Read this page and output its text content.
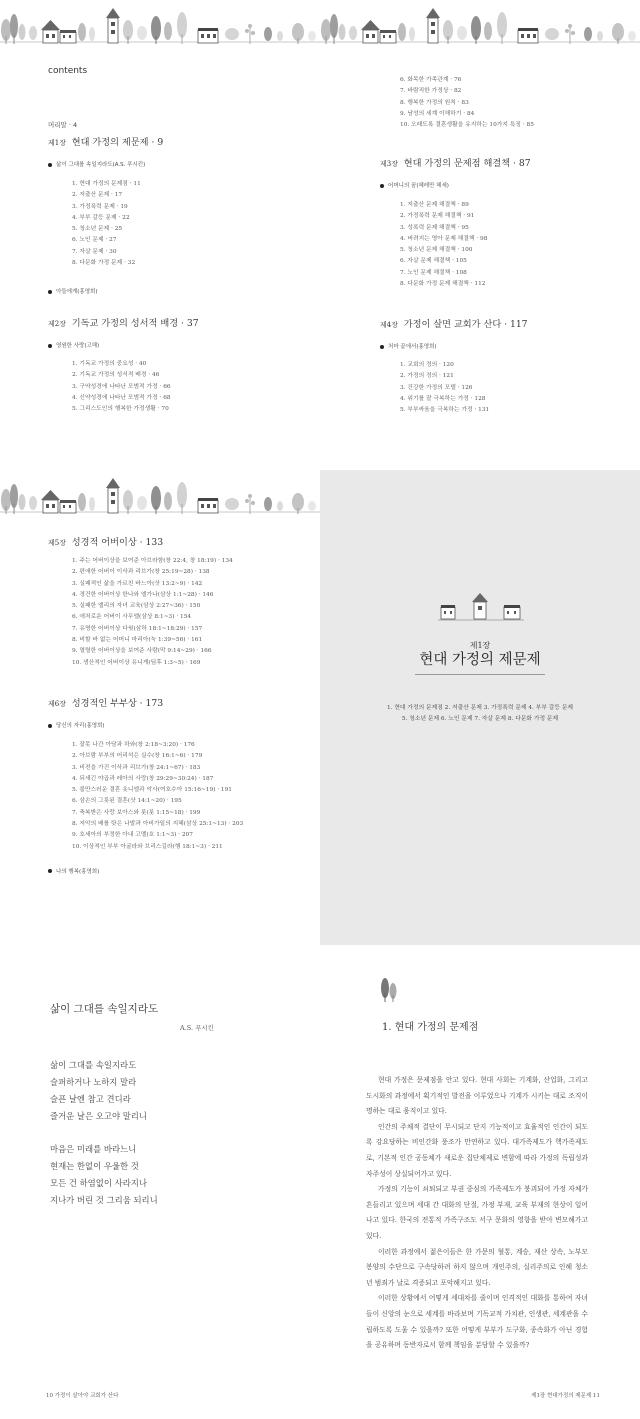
contents
머리말 · 4

제1장 현대 가정의 제문제 · 9

삶이 그대를 속일지라도(A.S. 푸시킨)
1. 현대 가정의 문제점 · 11
2. 저출산 문제 · 17
3. 가정폭력 문제 · 19
4. 부부 갈등 문제 · 22
5. 청소년 문제 · 25
6. 노인 문제 · 27
7. 자살 문제 · 30
8. 다문화 가정 문제 · 32
아들에게(홍영희)

제2장 기독교 가정의 성서적 배경 · 37

영원한 사랑(고해)
1. 기독교 가정의 중요성 · 40
2. 기독교 가정의 성서적 배경 · 46
3. 구약성경에 나타난 모범적 가정 · 66
4. 신약성경에 나타난 모범적 가정 · 68
5. 그리스도인의 행복한 가정생활 · 70
6. 화목한 가족관계 · 76
7. 바람직한 가정상 · 82
8. 행복한 가정의 원칙 · 83
9. 남성의 세계 이해하기 · 84
10. 오래도록 결혼생활을 유지하는 10가지 특징 · 85

제3장 현대 가정의 문제점 해결책 · 87

어머니의 꿈(혜레만 헤세)
1. 저출산 문제 해결책 · 89
2. 가정폭력 문제 해결책 · 91
3. 성폭력 문제 해결책 · 95
4. 버려지는 영아 문제 해결책 · 98
5. 청소년 문제 해결책 · 100
6. 자살 문제 해결책 · 105
7. 노인 문제 해결책 · 108
8. 다문화 가정 문제 해결책 · 112

제4장 가정이 살면 교회가 산다 · 117

처마 끝에서(홍영희)
1. 교회의 정의 · 120
2. 가정의 정의 · 121
3. 건강한 가정의 모델 · 126
4. 위기를 잘 극복하는 가정 · 128
5. 부부싸움을 극복하는 가정 · 131

제5장 성경적 어버이상 · 133

1. 주는 어버이상을 보여준 아브라함(창 22:4, 창 18:19) · 134
2. 편애한 어버이 이삭과 리브가(창 25:19~28) · 138
3. 실패적인 삶을 가르친 바느아(삿 13:2~9) · 142
4. 경건한 어버이상 한나와 엘가나(삼상 1:1~28) · 146
5. 실패한 엘리의 자녀 교육(삼상 2:27~36) · 150
6. 애처로운 어버이 사무엘(삼상 8:1~3) · 154
7. 유명한 어버이상 다윗(삼하 18:1~18:29) · 157
8. 비할 바 없는 어머니 마리아(눅 1:39~56) · 161
9. 열렬한 어버이상을 보여준 사람(막 9:14~29) · 166
10. 생산적인 어버이상 유니게(딤후 1:3~5) · 169

제6장 성경적인 부부상 · 173

당신의 자리(홍영희)
1. 잘못 나간 아담과 하와(창 2:18~3:20) · 176
2. 아브람 부부의 어리석은 실수(창 16:1~6) · 179
3. 비전을 가진 이삭과 리브가(창 24:1~67) · 183
4. 되새긴 야곱과 레아의 사랑(창 29:29~30:24) · 187
5. 불만스러운 결혼 옷니엘과 악사(여호수아 15:16~19) · 191
6. 삼손의 그릇된 결혼(삿 14:1~20) · 195
7. 축복받은 사랑 보아스와 룻(룻 1:15~18) · 199
8. 저악의 배를 탓은 나발과 아비가일의 지혜(삼상 25:1~13) · 203
9. 호세아의 부정한 아내 고멜(호 1:1~3) · 207
10. 이상적인 부부 아굴라와 브리스길라(행 18:1~3) · 211
나의 행복(홍영희)
제1장
현대 가정의 제문제
1. 현대 가정의 문제점 2. 저출산 문제 3. 가정폭력 문제 4. 부부 갈등 문제
5. 청소년 문제 6. 노인 문제 7. 자살 문제 8. 다문화 가정 문제
삶이 그대를 속일지라도
A.S. 푸시킨
삶이 그대를 속일지라도
슬퍼하거나 노하지 말라
슬픈 날엔 참고 견디라
즐거운 날은 오고야 말리니
마음은 미래를 바라느니
현재는 한없이 우울한 것
모든 건 하염없이 사라지나
지나가 버린 것 그리움 되리니
10 가정이 살아야 교회가 산다
1. 현대 가정의 문제점

현대 가정은 문제점을 안고 있다. 현대 사회는 기계화, 산업화, 그리고 도시화의 과정에서 획기적인 발전을 이루었으나 기계가 시키는 대로 조직이 명하는 대로 움직이고 있다.

인간의 주체적 결단이 무시되고 단지 기능적이고 효율적인 인간이 되도록 강요당하는 비인간화 풍조가 만연하고 있다. 대가족제도가 핵가족제도로, 기본적 인간 공동체가 새로운 집단체제로 변함에 따라 가정의 독립성과 자주성이 상실되어가고 있다.

가정의 기능이 쇠퇴되고 부권 중심의 가족제도가 붕괴되어 가정 자체가 흔들리고 있으며 세대 간 대화의 단절, 가정 부재, 교육 부재의 현상이 일어나고 있다. 한국의 전통적 가족구조도 서구 문화의 영향을 받아 변모해가고 있다.

이러한 과정에서 젊은이들은 한 가문의 혈통, 계승, 재산 상속, 노부모 봉양의 수단으로 구속당하려 하지 않으며 개인주의, 실리주의로 인해 청소년 범죄가 날로 격증되고 포악해지고 있다.

이러한 상황에서 어떻게 세대차를 줄이며 인격적인 대화를 통하여 자녀들이 신앙의 눈으로 세계를 바라보며 기독교적 가치관, 인생관, 세계관을 수립하도록 도울 수 있을까? 또한 어떻게 부부가 도구화, 종속화가 아닌 경험을 공유하며 동반자로서 함께 책임을 분담할 수 있을까?

제1장 현대가정의 제문제 11
